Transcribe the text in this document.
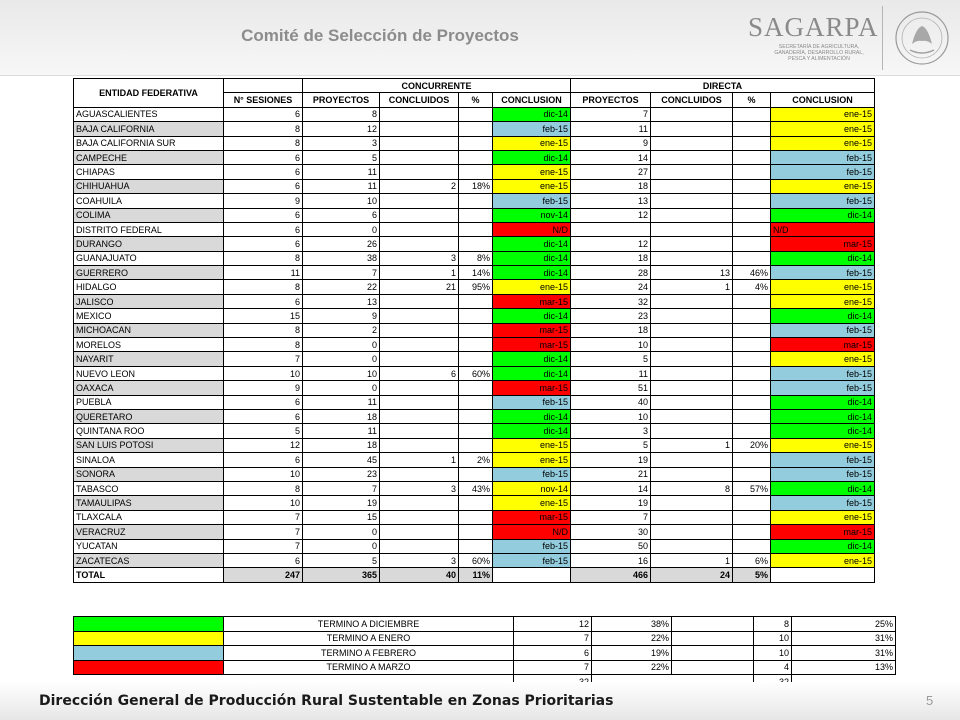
Comité de Selección de Proyectos	SAGARPA
SECRETARÍA DE AGRICULTURA,
GANADERÍA, DESARROLLO RURAL,
PESCA Y ALIMENTACIÓN
ENTIDAD FEDERATIVA		CONCURRENTE				DIRECTA			
	N° SESIONES	PROYECTOS	CONCLUIDOS	%	CONCLUSION	PROYECTOS	CONCLUIDOS	%	CONCLUSION
AGUASCALIENTES	6	8			dic-14	7			ene-15
BAJA CALIFORNIA	8	12			feb-15	11			ene-15
BAJA CALIFORNIA SUR	8	3			ene-15	9			ene-15
CAMPECHE	6	5			dic-14	14			feb-15
CHIAPAS	6	11			ene-15	27			feb-15
CHIHUAHUA	6	11	2	18%	ene-15	18			ene-15
COAHUILA	9	10			feb-15	13			feb-15
COLIMA	6	6			nov-14	12			dic-14
DISTRITO FEDERAL	6	0			N/D				N/D
DURANGO	6	26			dic-14	12			mar-15
GUANAJUATO	8	38	3	8%	dic-14	18			dic-14
GUERRERO	11	7	1	14%	dic-14	28	13	46%	feb-15
HIDALGO	8	22	21	95%	ene-15	24	1	4%	ene-15
JALISCO	6	13			mar-15	32			ene-15
MEXICO	15	9			dic-14	23			dic-14
MICHOACAN	8	2			mar-15	18			feb-15
MORELOS	8	0			mar-15	10			mar-15
NAYARIT	7	0			dic-14	5			ene-15
NUEVO LEON	10	10	6	60%	dic-14	11			feb-15
OAXACA	9	0			mar-15	51			feb-15
PUEBLA	6	11			feb-15	40			dic-14
QUERETARO	6	18			dic-14	10			dic-14
QUINTANA ROO	5	11			dic-14	3			dic-14
SAN LUIS POTOSI	12	18			ene-15	5	1	20%	ene-15
SINALOA	6	45	1	2%	ene-15	19			feb-15
SONORA	10	23			feb-15	21			feb-15
TABASCO	8	7	3	43%	nov-14	14	8	57%	dic-14
TAMAULIPAS	10	19			ene-15	19			feb-15
TLAXCALA	7	15			mar-15	7			ene-15
VERACRUZ	7	0			N/D	30			mar-15
YUCATAN	7	0			feb-15	50			dic-14
ZACATECAS	6	5	3	60%	feb-15	16	1	6%	ene-15
TOTAL	247	365	40	11%		466	24	5%	
	TERMINO A DICIEMBRE	12	38%		8	25%
	TERMINO A ENERO	7	22%		10	31%
	TERMINO A FEBRERO	6	19%		10	31%
	TERMINO A MARZO	7	22%		4	13%

Dirección General de Producción Rural Sustentable en Zonas Prioritarias	5
